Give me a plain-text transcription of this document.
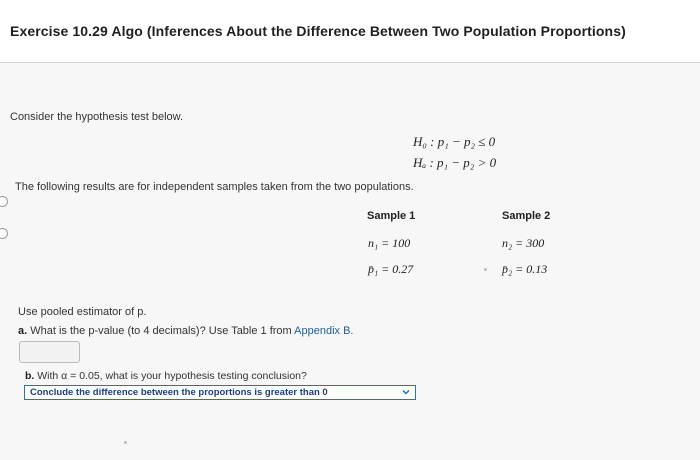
Exercise 10.29 Algo (Inferences About the Difference Between Two Population Proportions)
Consider the hypothesis test below.
H₀ : p₁ − p₂ ≤ 0
Hₐ : p₁ − p₂ > 0
The following results are for independent samples taken from the two populations.
Sample 1	Sample 2
n₁ = 100	n₂ = 300
p̄₁ = 0.27	p̄₂ = 0.13
Use pooled estimator of p.
a. What is the p-value (to 4 decimals)? Use Table 1 from Appendix B.
b. With α = 0.05, what is your hypothesis testing conclusion?
Conclude the difference between the proportions is greater than 0
